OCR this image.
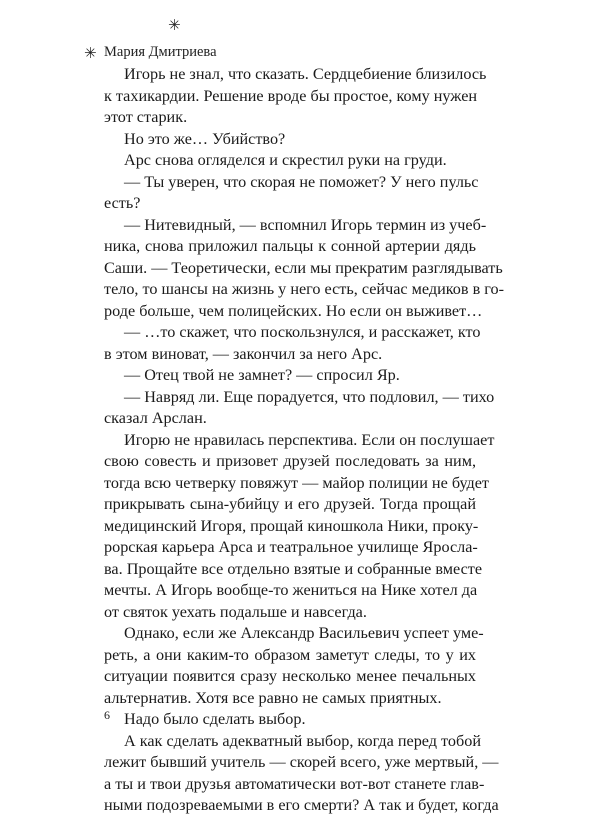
✳
✳ Мария Дмитриева
Игорь не знал, что сказать. Сердцебиение близилось
к тахикардии. Решение вроде бы простое, кому нужен
этот старик.
Но это же… Убийство?
Арс снова огляделся и скрестил руки на груди.
— Ты уверен, что скорая не поможет? У него пульс
есть?
— Нитевидный, — вспомнил Игорь термин из учеб-
ника, снова приложил пальцы к сонной артерии дядь
Саши. — Теоретически, если мы прекратим разглядывать
тело, то шансы на жизнь у него есть, сейчас медиков в го-
роде больше, чем полицейских. Но если он выживет…
— …то скажет, что поскользнулся, и расскажет, кто
в этом виноват, — закончил за него Арс.
— Отец твой не замнет? — спросил Яр.
— Навряд ли. Еще порадуется, что подловил, — тихо
сказал Арслан.
Игорю не нравилась перспектива. Если он послушает
свою совесть и призовет друзей последовать за ним,
тогда всю четверку повяжут — майор полиции не будет
прикрывать сына-убийцу и его друзей. Тогда прощай
медицинский Игоря, прощай киношкола Ники, проку-
рорская карьера Арса и театральное училище Яросла-
ва. Прощайте все отдельно взятые и собранные вместе
мечты. А Игорь вообще-то жениться на Нике хотел да
от святок уехать подальше и навсегда.
Однако, если же Александр Васильевич успеет уме-
реть, а они каким-то образом заметут следы, то у их
ситуации появится сразу несколько менее печальных
альтернатив. Хотя все равно не самых приятных.
Надо было сделать выбор.
А как сделать адекватный выбор, когда перед тобой
лежит бывший учитель — скорей всего, уже мертвый, —
а ты и твои друзья автоматически вот-вот станете глав-
ными подозреваемыми в его смерти? А так и будет, когда
6
